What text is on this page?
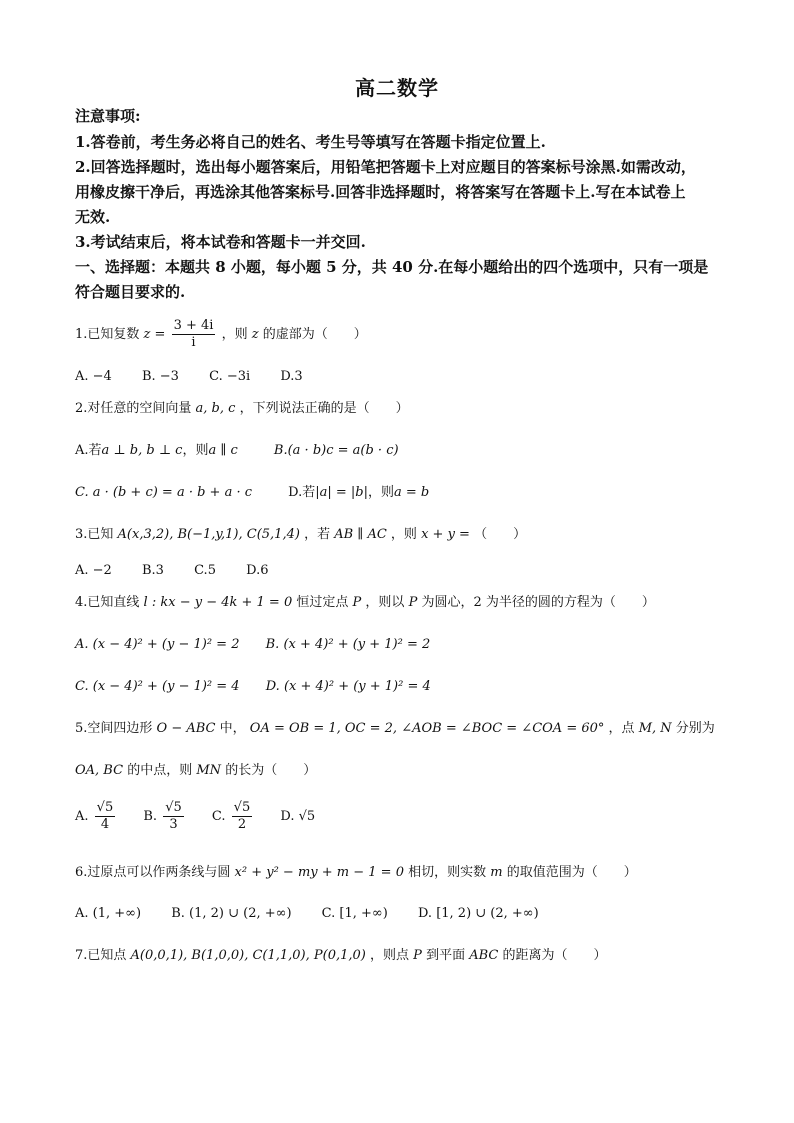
高二数学
注意事项:
1.答卷前，考生务必将自己的姓名、考生号等填写在答题卡指定位置上.
2.回答选择题时，选出每小题答案后，用铅笔把答题卡上对应题目的答案标号涂黑.如需改动，
用橡皮擦干净后，再选涂其他答案标号.回答非选择题时，将答案写在答题卡上.写在本试卷上
无效.
3.考试结束后，将本试卷和答题卡一并交回.
一、选择题：本题共 8 小题，每小题 5 分，共 40 分.在每小题给出的四个选项中，只有一项是
符合题目要求的.
1.已知复数 $z = \frac{3 + 4i}{i}$ ，则 z 的虚部为（　　）
A. −4 B. −3 C. −3i D.3
2.对任意的空间向量 a, b, c ，下列说法正确的是（　　）
A.若a ⊥ b, b ⊥ c，则a ∥ c	B.(a · b)c = a(b · c)
C. a · (b + c) = a · b + a · c	D.若|a| = |b|，则a = b
3.已知 A(x,3,2), B(−1,y,1), C(5,1,4) ，若 AB ∥ AC ，则 x + y = （　　）
A. −2 B.3 C.5 D.6
4.已知直线 l : kx − y − 4k + 1 = 0 恒过定点 P ，则以 P 为圆心，2 为半径的圆的方程为（　　）
A. (x − 4)² + (y − 1)² = 2 B. (x + 4)² + (y + 1)² = 2
C. (x − 4)² + (y − 1)² = 4 D. (x + 4)² + (y + 1)² = 4
5.空间四边形 O − ABC 中， OA = OB = 1, OC = 2, ∠AOB = ∠BOC = ∠COA = 60° ，点 M, N 分别为
OA, BC 的中点，则 MN 的长为（　　）
A. $\frac{√5}{4} B$. $\frac{√5}{3} C$. $\frac{√5}{2} D$. √5
6.过原点可以作两条线与圆 x² + y² − my + m − 1 = 0 相切，则实数 m 的取值范围为（　　）
A. (1, +∞) B. (1, 2) ∪ (2, +∞) C. [1, +∞) D. [1, 2) ∪ (2, +∞)
7.已知点 A(0,0,1), B(1,0,0), C(1,1,0), P(0,1,0) ，则点 P 到平面 ABC 的距离为（　　）
